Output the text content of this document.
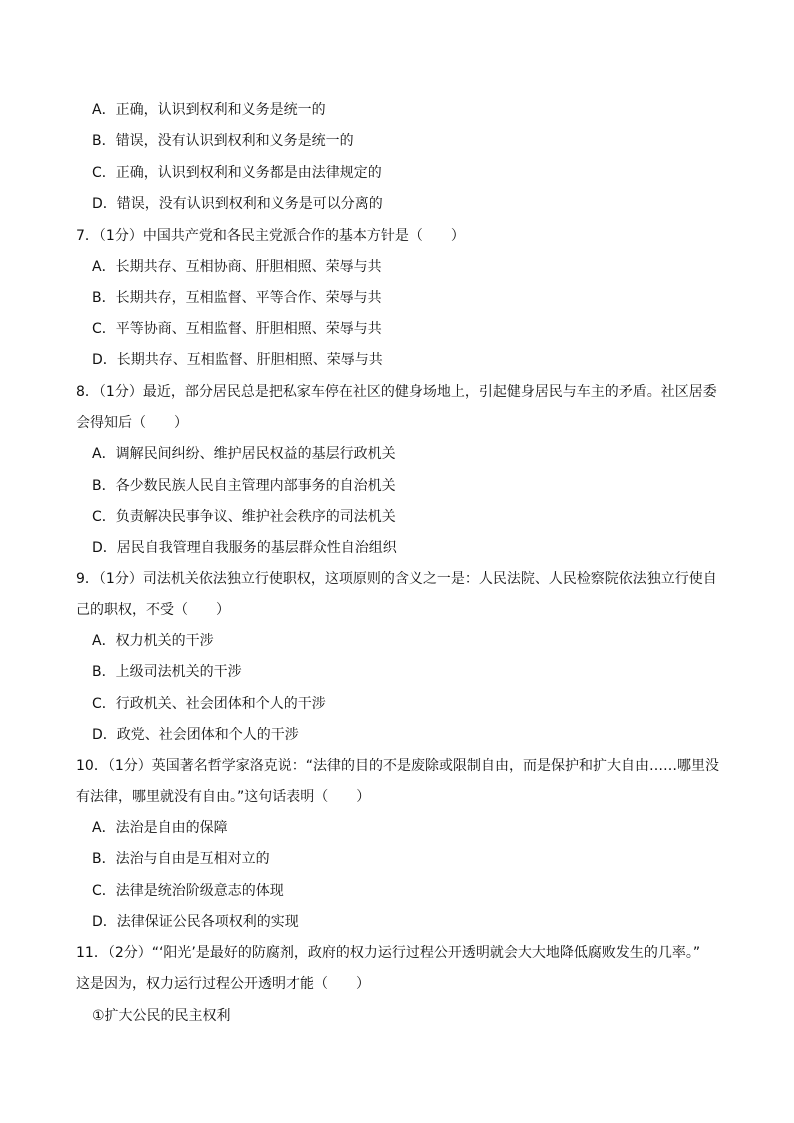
A．正确，认识到权利和义务是统一的
B．错误，没有认识到权利和义务是统一的
C．正确，认识到权利和义务都是由法律规定的
D．错误，没有认识到权利和义务是可以分离的
7．（1分）中国共产党和各民主党派合作的基本方针是（　　）
A．长期共存、互相协商、肝胆相照、荣辱与共
B．长期共存，互相监督、平等合作、荣辱与共
C．平等协商、互相监督、肝胆相照、荣辱与共
D．长期共存、互相监督、肝胆相照、荣辱与共
8．（1分）最近，部分居民总是把私家车停在社区的健身场地上，引起健身居民与车主的矛盾。社区居委
会得知后（　　）
A．调解民间纠纷、维护居民权益的基层行政机关
B．各少数民族人民自主管理内部事务的自治机关
C．负责解决民事争议、维护社会秩序的司法机关
D．居民自我管理自我服务的基层群众性自治组织
9．（1分）司法机关依法独立行使职权，这项原则的含义之一是：人民法院、人民检察院依法独立行使自
己的职权，不受（　　）
A．权力机关的干涉
B．上级司法机关的干涉
C．行政机关、社会团体和个人的干涉
D．政党、社会团体和个人的干涉
10．（1分）英国著名哲学家洛克说：“法律的目的不是废除或限制自由，而是保护和扩大自由……哪里没
有法律，哪里就没有自由。”这句话表明（　　）
A．法治是自由的保障
B．法治与自由是互相对立的
C．法律是统治阶级意志的体现
D．法律保证公民各项权利的实现
11．（2分）“‘阳光’是最好的防腐剂，政府的权力运行过程公开透明就会大大地降低腐败发生的几率。”
这是因为，权力运行过程公开透明才能（　　）
①扩大公民的民主权利
